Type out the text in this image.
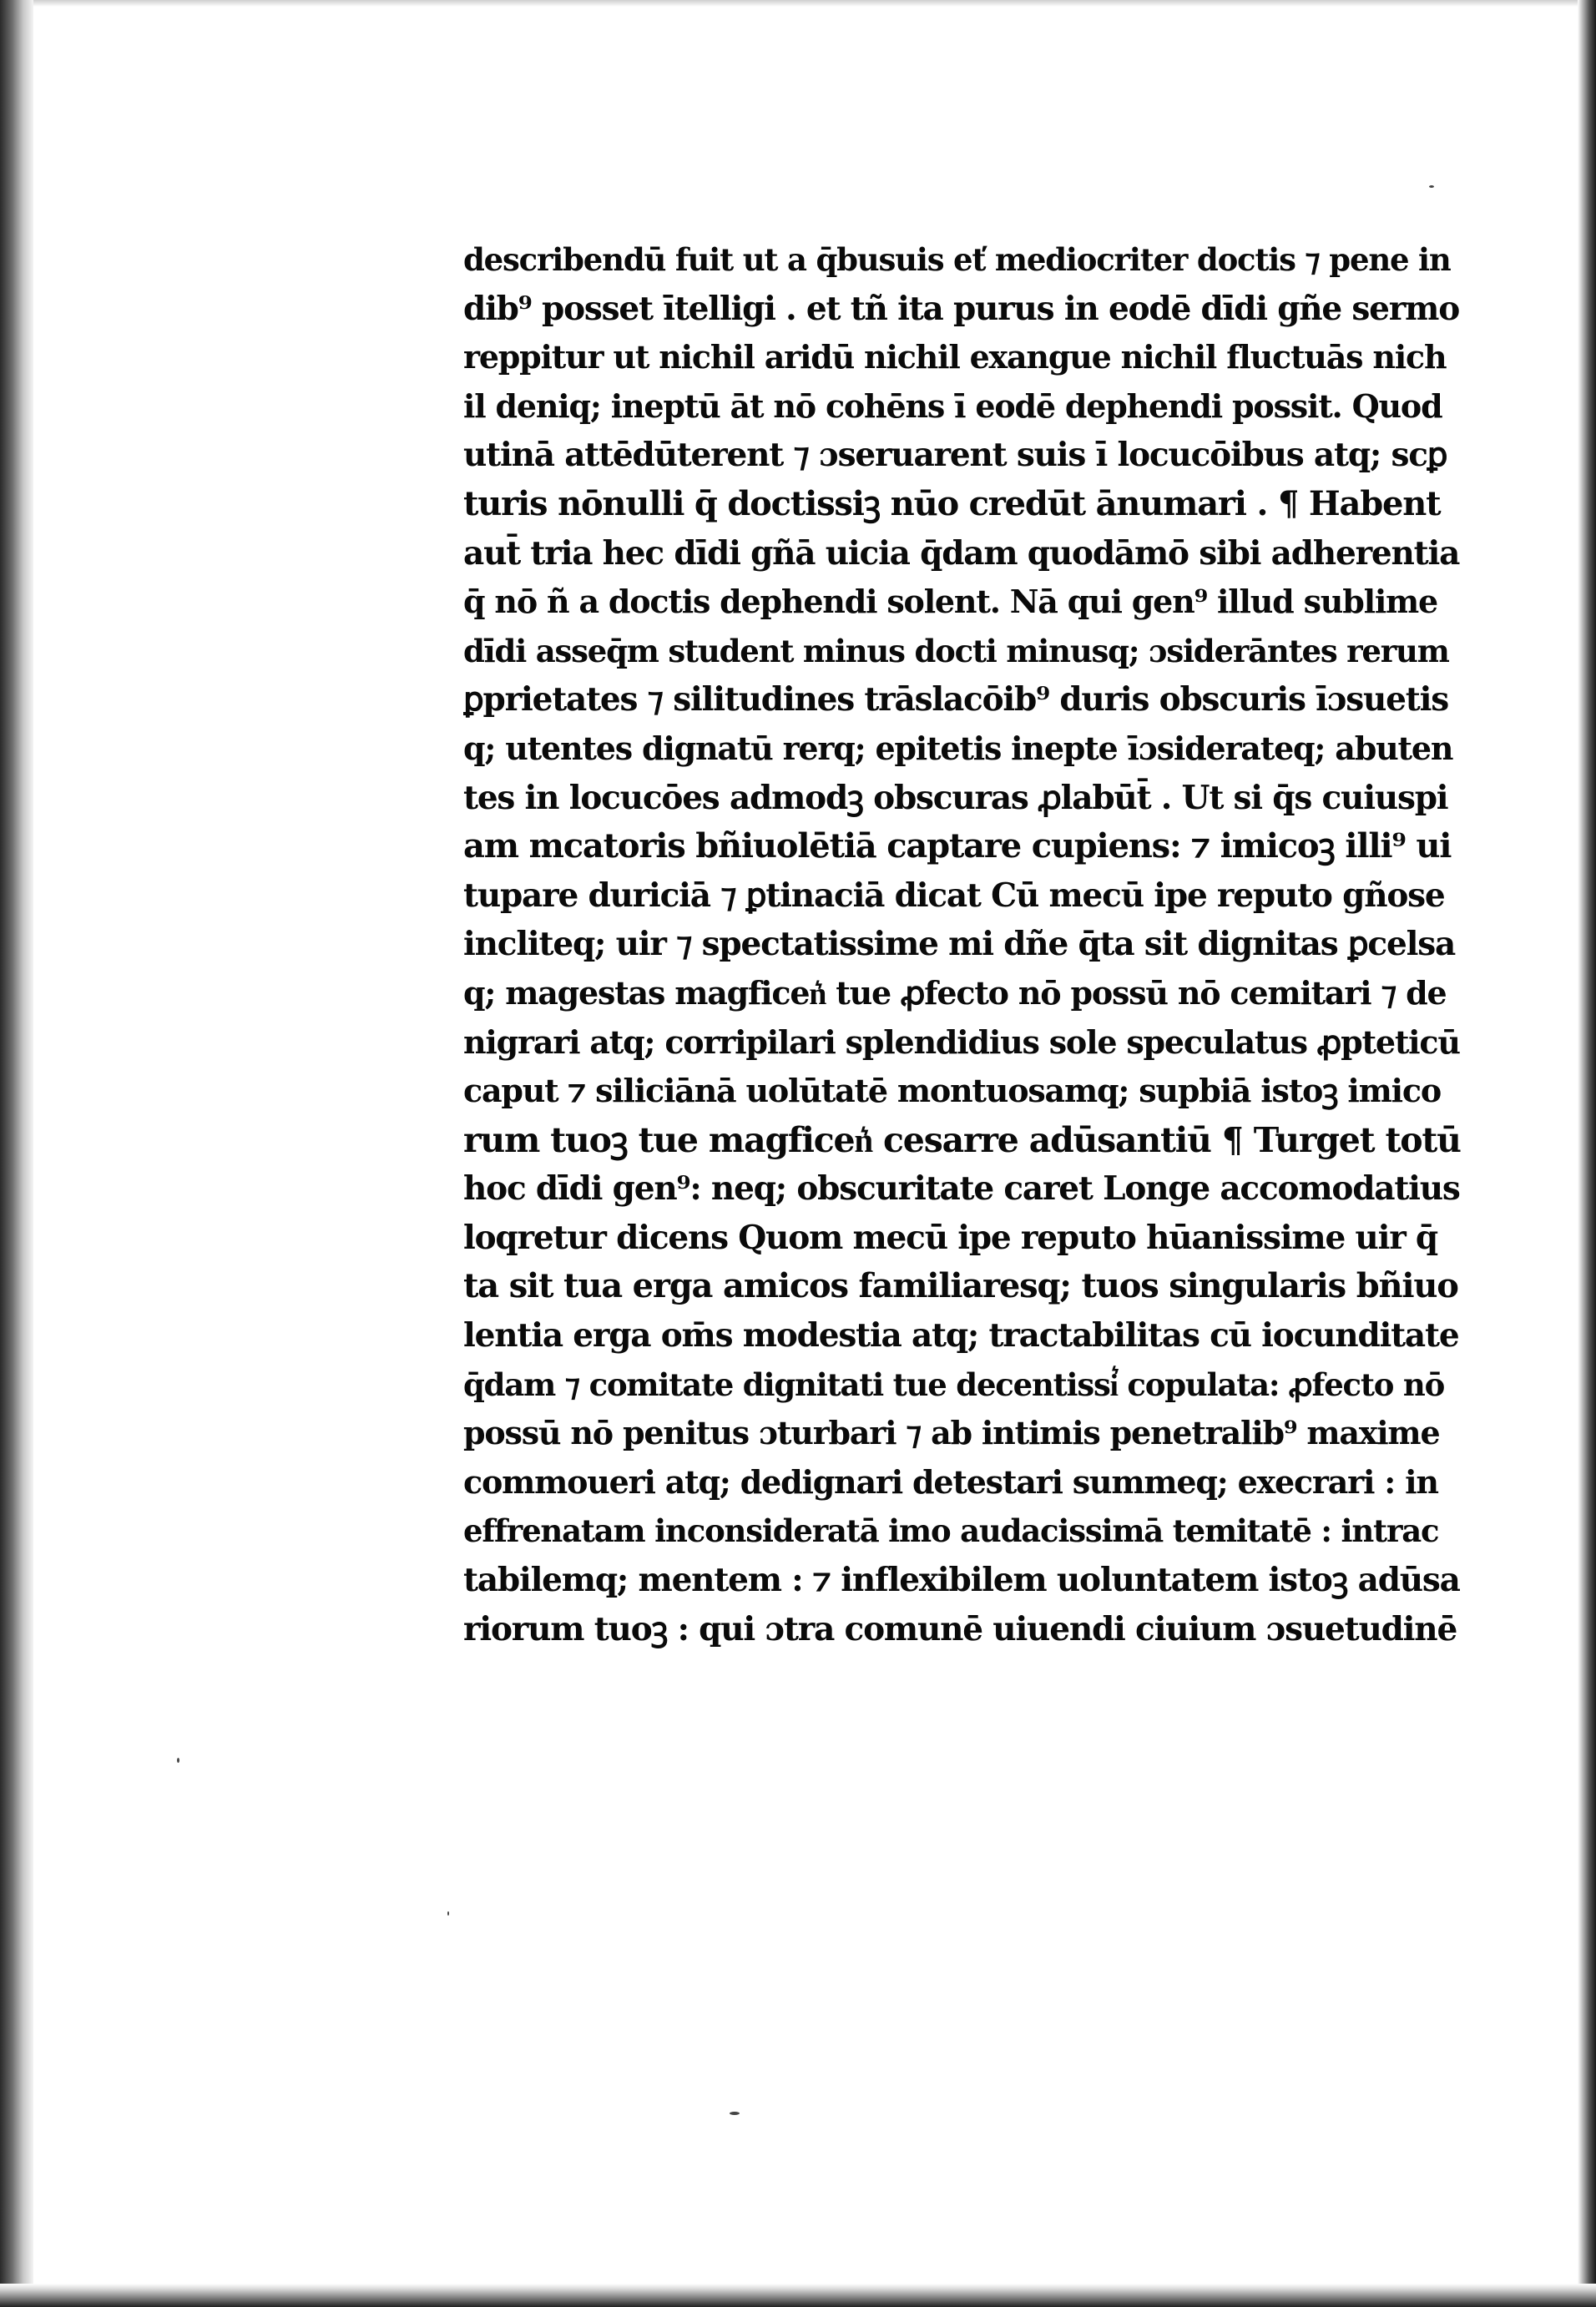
describendū fuit ut a q̄busuis eť mediocriter doctis ⁊ pene in
dib⁹ posset ītelligi . et tñ ita purus in eodē dīdi gñe sermo
reppitur ut nichil aridū nichil exangue nichil fluctuās nich
il deniq; ineptū āt nō cohēns ī eodē dephendi possit. Quod
utinā attēdūterent ⁊ ɔseruarent suis ī locucōibus atq; scꝑ
turis nōnulli q̄ doctissiꝫ nūo credūt ānumari . ¶ Habent
aut̄ tria hec dīdi gñā uicia q̄dam quodāmō sibi adherentia
q̄ nō ñ a doctis dephendi solent. Nā qui gen⁹ illud sublime
dīdi asseq̄m student minus docti minusq; ɔsiderāntes rerum
ꝑprietates ⁊ silitudines trāslacōib⁹ duris obscuris īɔsuetis
q; utentes dignatū rerq; epitetis inepte īɔsiderateq; abuten
tes in locucōes admodꝫ obscuras ꝓlabūt̄ . Ut si q̄s cuiuspi
am mcatoris bñiuolētiā captare cupiens: ⁊ imicoꝫ illi⁹ ui
tupare duriciā ⁊ ꝑtinaciā dicat Cū mecū ipe reputo gñose
incliteq; uir ⁊ spectatissime mi dñe q̄ta sit dignitas ꝑcelsa
q; magestas magficen͛ tue ꝓfecto nō possū nō cemitari ⁊ de
nigrari atq; corripilari splendidius sole speculatus ꝓpteticū
caput ⁊ siliciānā uolūtatē montuosamq; supbiā istoꝫ imico
rum tuoꝫ tue magficen͛ cesarre adūsantiū ¶ Turget totū
hoc dīdi gen⁹: neq; obscuritate caret Longe accomodatius
loqretur dicens Quom mecū ipe reputo hūanissime uir q̄
ta sit tua erga amicos familiaresq; tuos singularis bñiuo
lentia erga om̄s modestia atq; tractabilitas cū iocunditate
q̄dam ⁊ comitate dignitati tue decentissi͛ copulata: ꝓfecto nō
possū nō penitus ɔturbari ⁊ ab intimis penetralib⁹ maxime
commoueri atq; dedignari detestari summeq; execrari : in
effrenatam inconsideratā imo audacissimā temitatē : intrac
tabilemq; mentem : ⁊ inflexibilem uoluntatem istoꝫ adūsa
riorum tuoꝫ : qui ɔtra comunē uiuendi ciuium ɔsuetudinē
